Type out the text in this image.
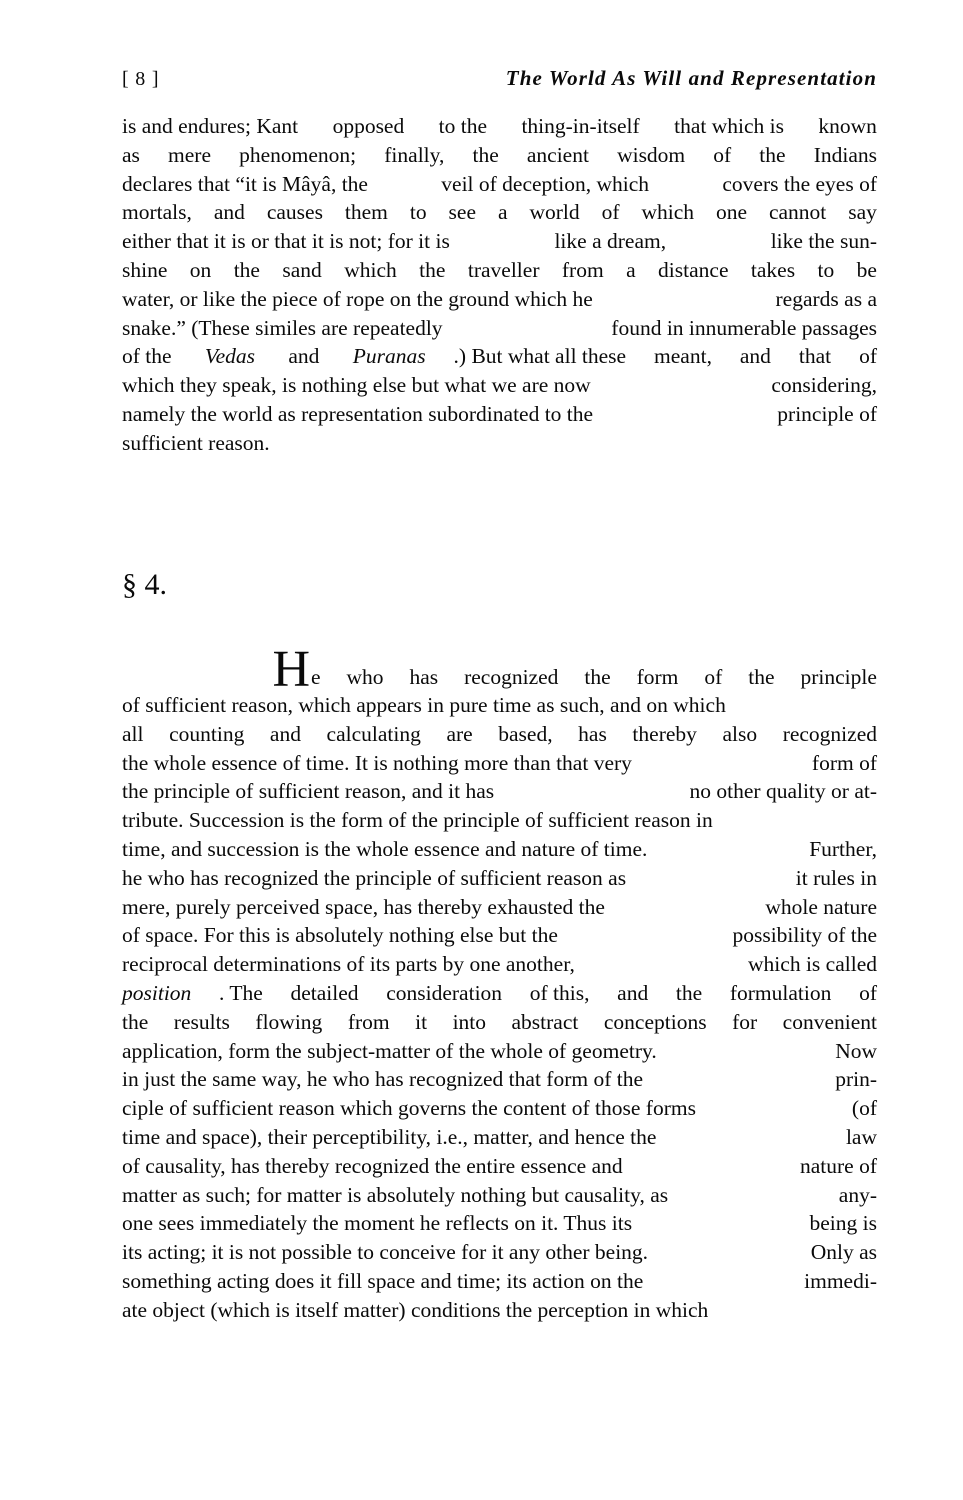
[ 8 ]	The World As Will and Representation
is and endures; Kant opposed to the thing-in-itself that which is known
as mere phenomenon; finally, the ancient wisdom of the Indians
declares that “it is Mâyâ, the	veil of deception, which	covers the eyes of
mortals, and causes them to see a world of which one cannot say
either that it is or that it is not; for it is	like a dream,	like the sun-
shine on the sand which the traveller from a distance takes to be
water, or like the piece of rope on the ground which he	regards as a
snake.” (These similes are repeatedly	found in innumerable passages
of the Vedas and Puranas .) But what all these meant, and that of
which they speak, is nothing else but what we are now	considering,
namely the world as representation subordinated to the	principle of
sufficient reason.
§ 4.
H e who has recognized the form of the principle
of sufficient reason, which appears in pure time as such, and on which
all counting and calculating are based, has thereby also recognized
the whole essence of time. It is nothing more than that very	form of
the principle of sufficient reason, and it has	no other quality or at-
tribute. Succession is the form of the principle of sufficient reason in
time, and succession is the whole essence and nature of time.	Further,
he who has recognized the principle of sufficient reason as	it rules in
mere, purely perceived space, has thereby exhausted the	whole nature
of space. For this is absolutely nothing else but the	possibility of the
reciprocal determinations of its parts by one another,	which is called
position . The detailed consideration of this, and the formulation of
the results flowing from it into abstract conceptions for convenient
application, form the subject-matter of the whole of geometry.	Now
in just the same way, he who has recognized that form of the	prin-
ciple of sufficient reason which governs the content of those forms	(of
time and space), their perceptibility, i.e., matter, and hence the	law
of causality, has thereby recognized the entire essence and	nature of
matter as such; for matter is absolutely nothing but causality, as	any-
one sees immediately the moment he reflects on it. Thus its	being is
its acting; it is not possible to conceive for it any other being.	Only as
something acting does it fill space and time; its action on the	immedi-
ate object (which is itself matter) conditions the perception in which
